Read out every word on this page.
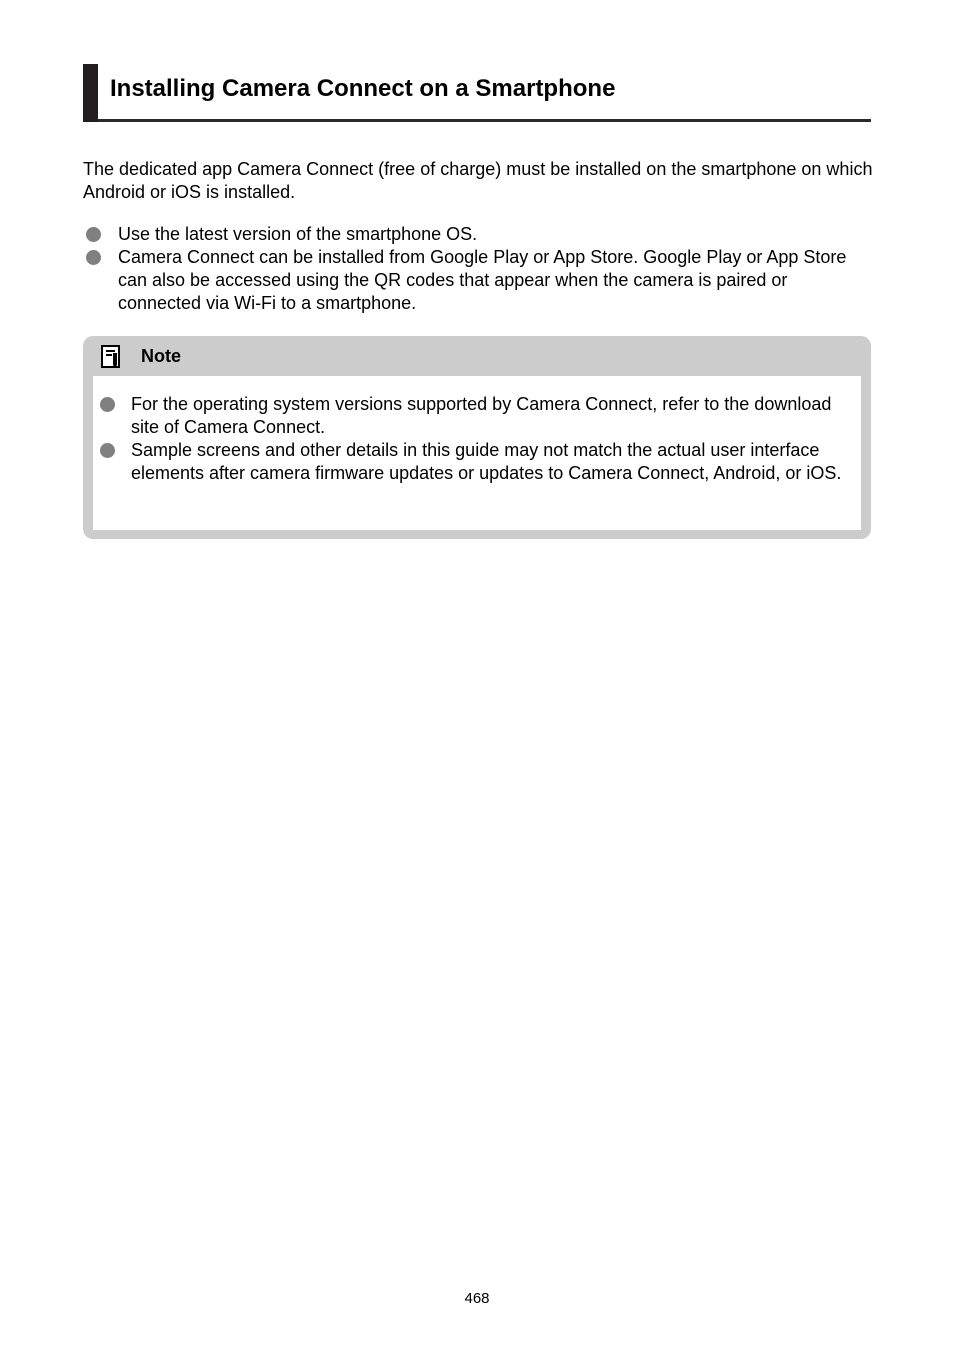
Installing Camera Connect on a Smartphone

The dedicated app Camera Connect (free of charge) must be installed on the smartphone on which Android or iOS is installed.

Use the latest version of the smartphone OS.
Camera Connect can be installed from Google Play or App Store. Google Play or App Store can also be accessed using the QR codes that appear when the camera is paired or connected via Wi-Fi to a smartphone.
Note
For the operating system versions supported by Camera Connect, refer to the download site of Camera Connect.
Sample screens and other details in this guide may not match the actual user interface elements after camera firmware updates or updates to Camera Connect, Android, or iOS.
468
